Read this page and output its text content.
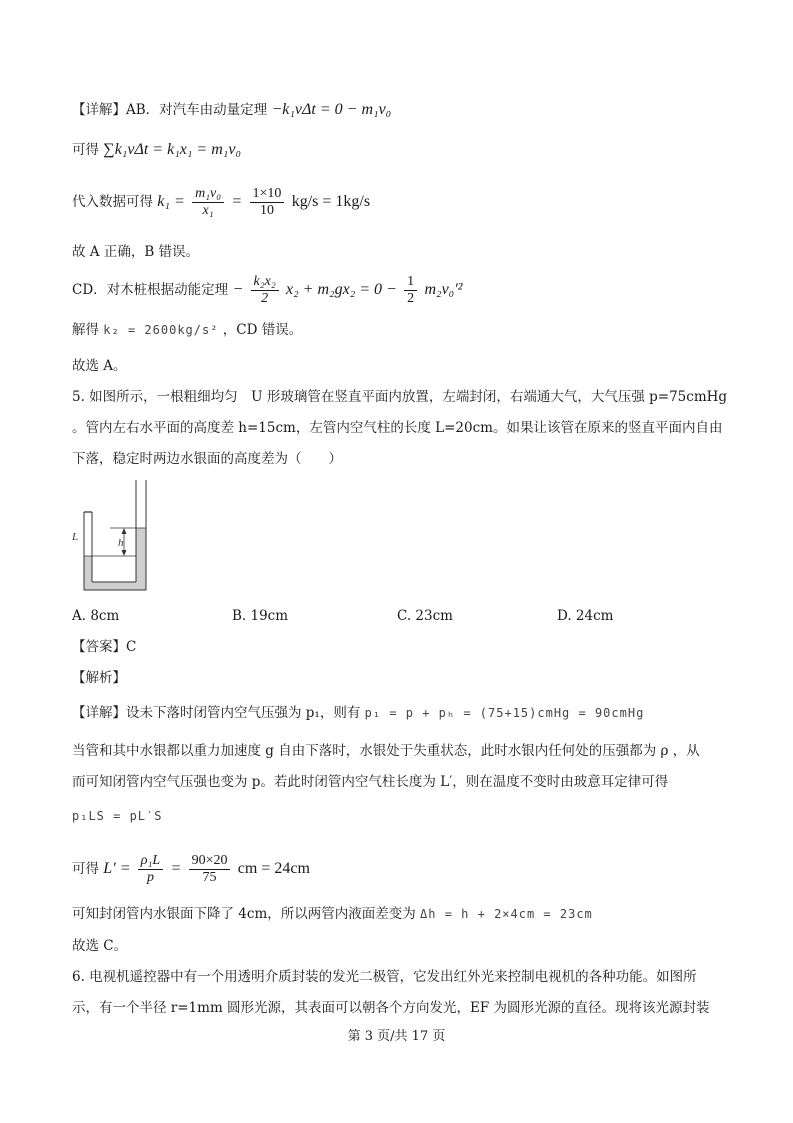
【详解】AB．对汽车由动量定理 −k₁vΔt = 0 − m₁v₀
可得 ∑k₁vΔt = k₁x₁ = m₁v₀
代入数据可得 $k_1 = \frac{\text{m₁v₀}}{\text{x₁}} = \frac{1\times 10}{10} kg/s = 1kg/s$
故 A 正确，B 错误。
CD．对木桩根据动能定理 − $\frac{\text{k₂x₂}}{2} x_2 + m_2gx_2 = 0 - \frac{1}{2} m_2v_0'^2$
解得 k₂ = 2600kg/s² ，CD 错误。
故选 A。
5. 如图所示，一根粗细均匀　U 形玻璃管在竖直平面内放置，左端封闭，右端通大气，大气压强 p=75cmHg
。管内左右水平面的高度差 h=15cm，左管内空气柱的长度 L=20cm。如果让该管在原来的竖直平面内自由
下落，稳定时两边水银面的高度差为（　　）
h
L
A. 8cm	B. 19cm	C. 23cm	D. 24cm
【答案】C
【解析】
【详解】设未下落时闭管内空气压强为 p₁，则有 p₁ = p + pₕ = (75+15)cmHg = 90cmHg
当管和其中水银都以重力加速度 g 自由下落时，水银处于失重状态，此时水银内任何处的压强都为 ρ ，从
而可知闭管内空气压强也变为 p。若此时闭管内空气柱长度为 L′，则在温度不变时由玻意耳定律可得
p₁LS = pL′S
可得 $L' = \frac{\text{ρ₁L}}{p} = \frac{90\times 20}{75}$ cm = 24cm
可知封闭管内水银面下降了 4cm，所以两管内液面差变为 Δh = h + 2×4cm = 23cm
故选 C。
6. 电视机遥控器中有一个用透明介质封装的发光二极管，它发出红外光来控制电视机的各种功能。如图所
示，有一个半径 r=1mm 圆形光源，其表面可以朝各个方向发光，EF 为圆形光源的直径。现将该光源封装
第 3 页/共 17 页
